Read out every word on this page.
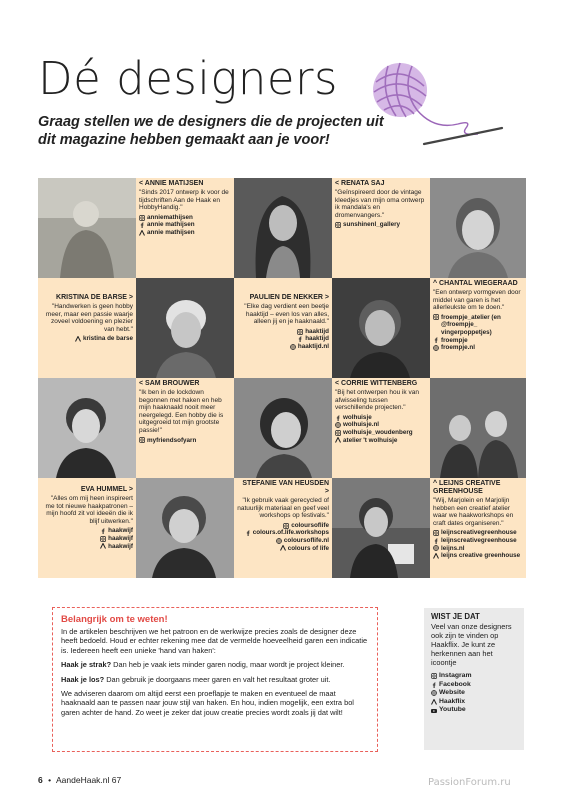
Dé designers
Graag stellen we de designers die de projecten uit dit magazine hebben gemaakt aan je voor!
< ANNIE MATIJSEN
"Sinds 2017 ontwerp ik voor de tijdschriften Aan de Haak en HobbyHandig."
anniemathijsen
annie mathijsen
annie mathijsen
< RENATA SAJ
"Geïnspireerd door de vintage kleedjes van mijn oma ontwerp ik mandala's en dromenvangers."
sunshinenl_gallery
KRISTINA DE BARSE >
"Handwerken is geen hobby meer, maar een passie waarje zoveel voldoening en plezier van hebt."
kristina de barse
PAULIEN DE NEKKER >
"Elke dag verdient een beetje haaktijd – even los van alles, alleen jij en je haaknaald."
haaktijd
haaktijd
haaktijd.nl
^ CHANTAL WIEGERAAD
"Een ontwerp vormgeven door middel van garen is het allerleukste om te doen."
froempje_atelier (en @froempje_ vingerpoppetjes)
froempje
froempje.nl
< SAM BROUWER
"Ik ben in de lockdown begonnen met haken en heb mijn haaknaald nooit meer neergelegd. Een hobby die is uitgegroeid tot mijn grootste passie!"
myfriendsofyarn
< CORRIE WITTENBERG
"Bij het ontwerpen hou ik van afwisseling tussen verschillende projecten."
wolhuisje
wolhuisje.nl
wolhuisje_woudenberg
atelier 't wolhuisje
EVA HUMMEL >
"Alles om mij heen inspireert me tot nieuwe haakpatronen – mijn hoofd zit vol ideeën die ik blijf uitwerken."
haakwijf
haakwijf
haakwijf
STEFANIE VAN HEUSDEN >
"Ik gebruik vaak gerecycled of natuurlijk materiaal en geef veel workshops op festivals."
coloursoflife
colours.of.life.workshops
coloursoflife.nl
colours of life
^ LEIJNS CREATIVE GREENHOUSE
"Wij, Marjolein en Marjolijn hebben een creatief atelier waar we haakworkshops en craft dates organiseren."
leijnscreativegreenhouse
leijnscreativegreenhouse
leijns.nl
leijns creative greenhouse
Belangrijk om te weten!

In de artikelen beschrijven we het patroon en de werkwijze precies zoals de designer deze heeft bedoeld. Houd er echter rekening mee dat de vermelde hoeveelheid garen een indicatie is. Iedereen heeft een unieke 'hand van haken':

Haak je strak? Dan heb je vaak iets minder garen nodig, maar wordt je project kleiner.

Haak je los? Dan gebruik je doorgaans meer garen en valt het resultaat groter uit.

We adviseren daarom om altijd eerst een proeflapje te maken en eventueel de maat haaknaald aan te passen naar jouw stijl van haken. En hou, indien mogelijk, een extra bol garen achter de hand. Zo weet je zeker dat jouw creatie precies wordt zoals jij dat wilt!

WIST JE DAT
Veel van onze designers ook zijn te vinden op Haakflix. Je kunt ze herkennen aan het icoontje
Instagram
Facebook
Website
Haakflix
Youtube
6 • AandeHaak.nl 67	PassionForum.ru
